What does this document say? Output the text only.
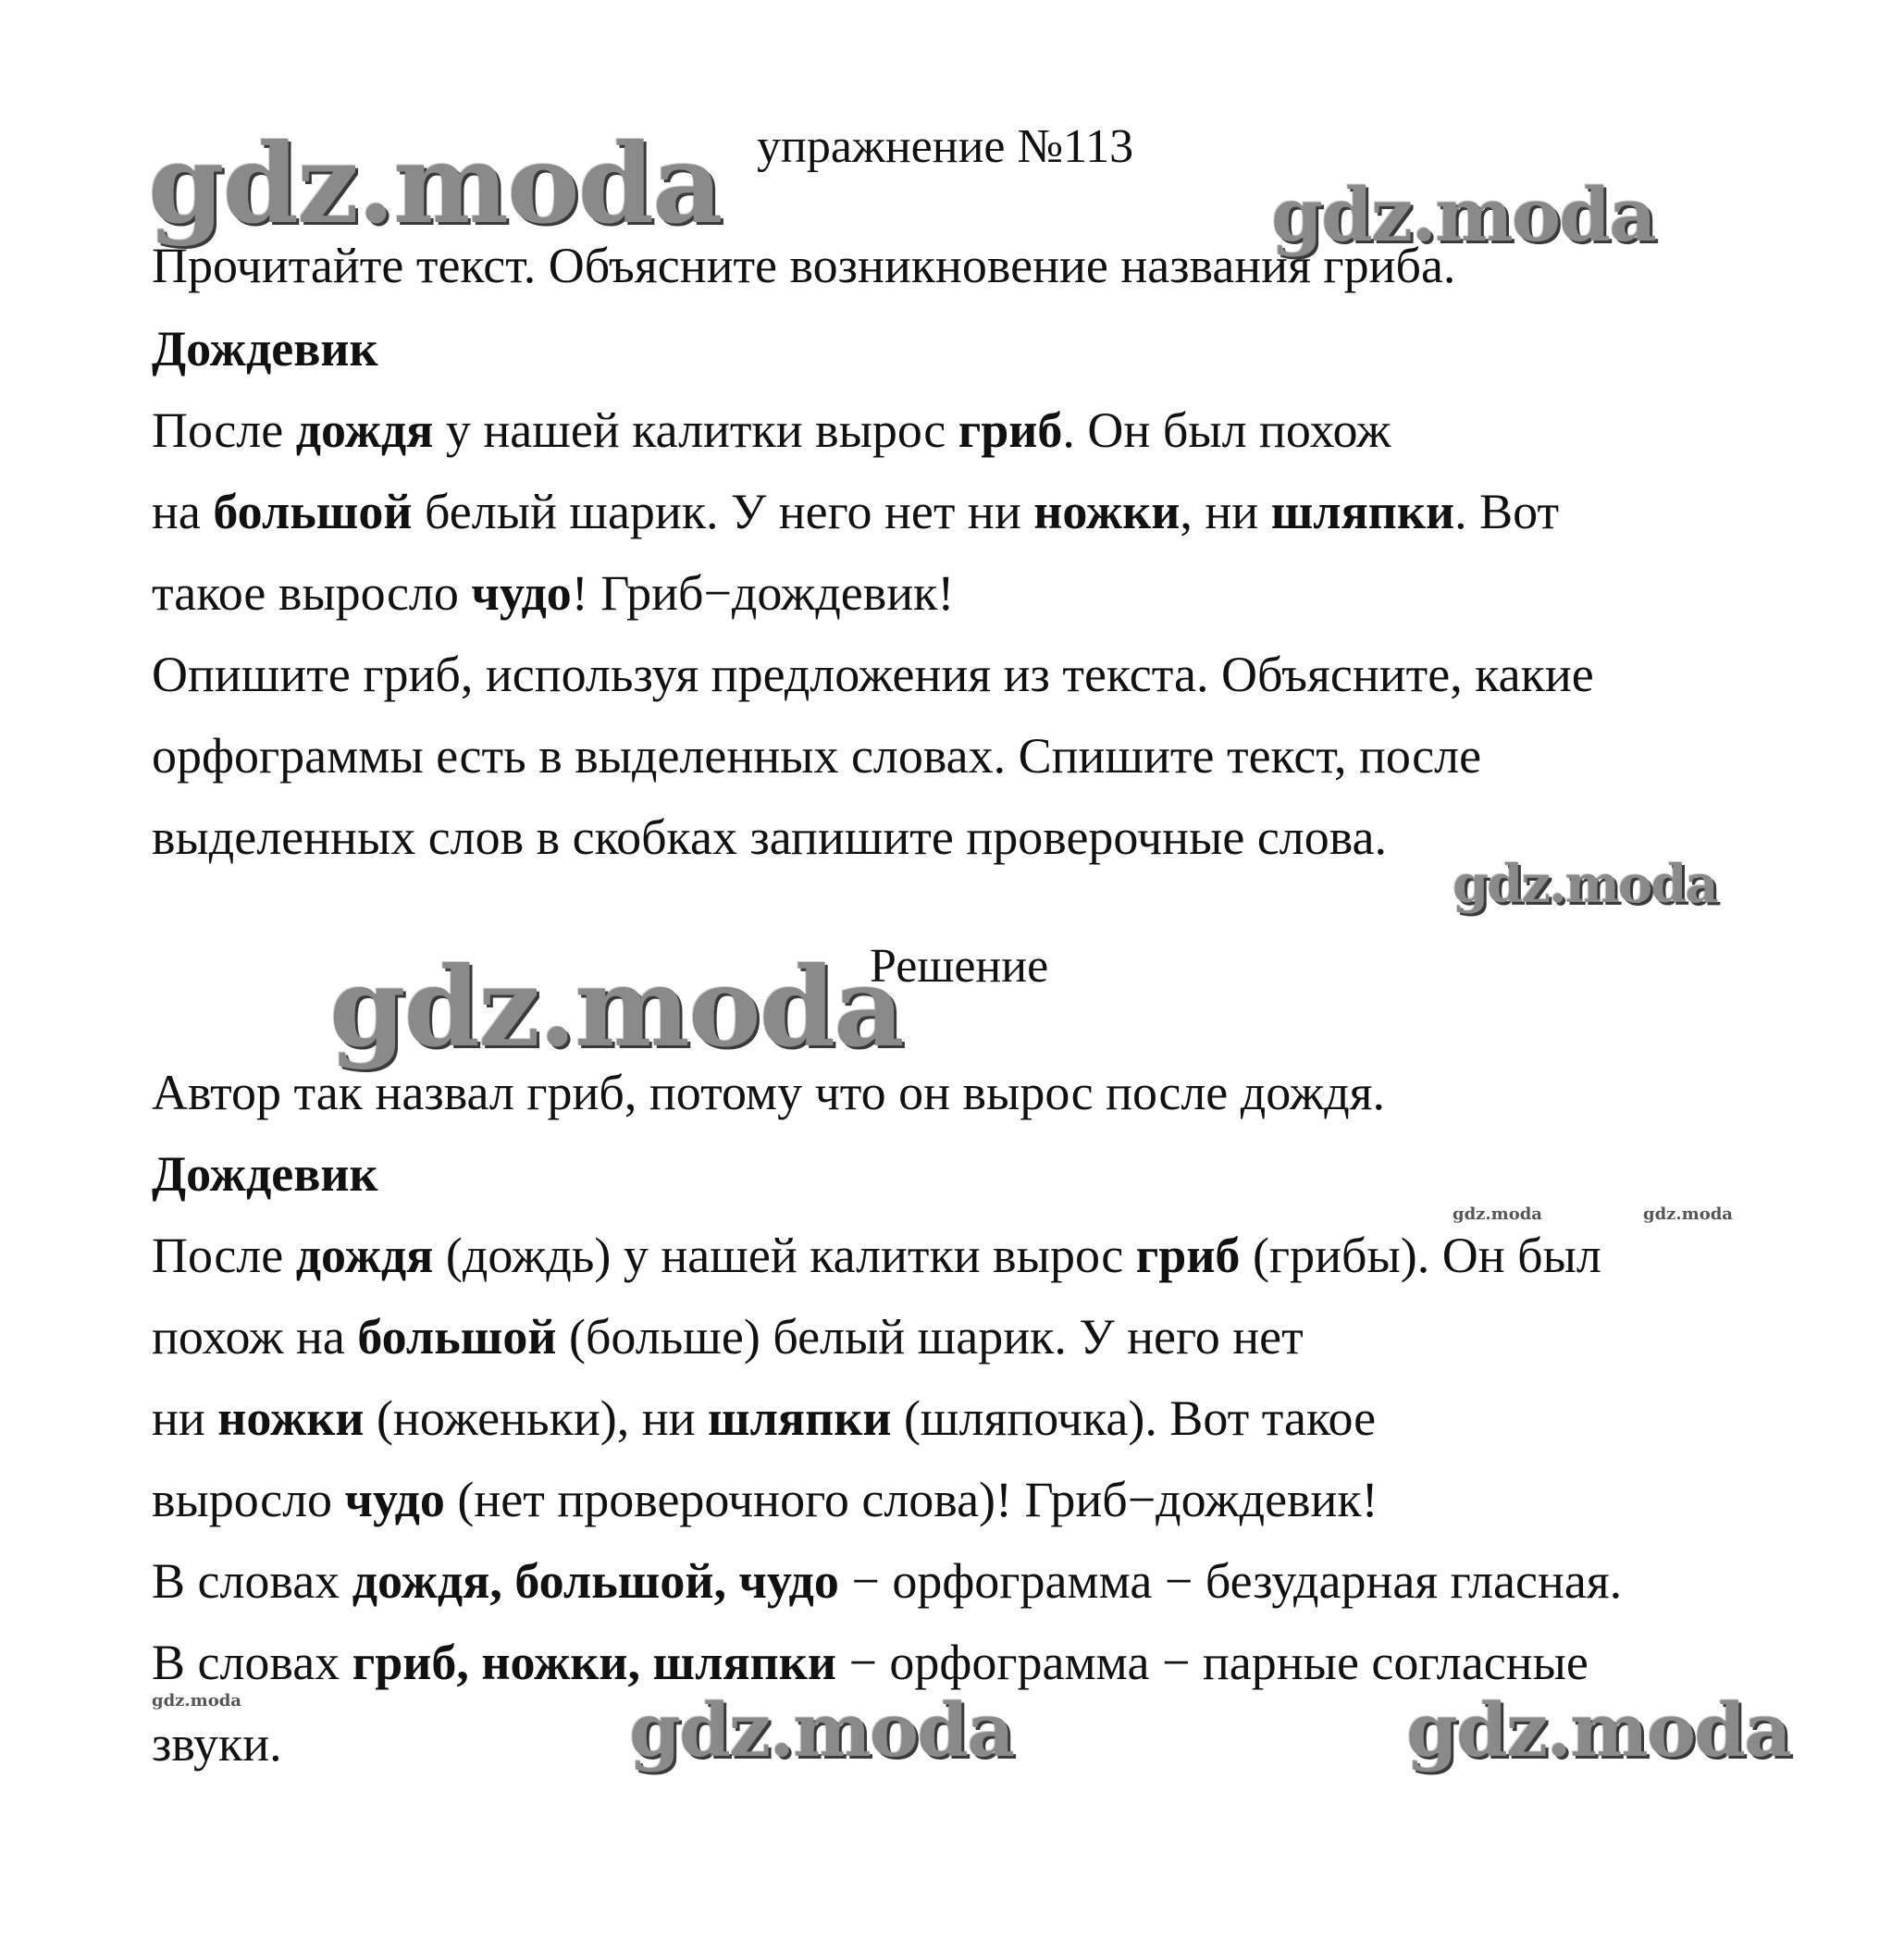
gdz.moda	gdz.moda
gdz.moda
gdz.moda
gdz.moda	gdz.moda
gdz.moda	gdz.moda	gdz.moda
упражнение №113
Прочитайте текст. Объясните возникновение названия гриба.
Дождевик
После дождя у нашей калитки вырос гриб. Он был похож
на большой белый шарик. У него нет ни ножки, ни шляпки. Вот
такое выросло чудо! Гриб−дождевик!
Опишите гриб, используя предложения из текста. Объясните, какие
орфограммы есть в выделенных словах. Спишите текст, после
выделенных слов в скобках запишите проверочные слова.
Решение
Автор так назвал гриб, потому что он вырос после дождя.
Дождевик
После дождя (дождь) у нашей калитки вырос гриб (грибы). Он был
похож на большой (больше) белый шарик. У него нет
ни ножки (ноженьки), ни шляпки (шляпочка). Вот такое
выросло чудо (нет проверочного слова)! Гриб−дождевик!
В словах дождя, большой, чудо − орфограмма − безударная гласная.
В словах гриб, ножки, шляпки − орфограмма − парные согласные
звуки.
